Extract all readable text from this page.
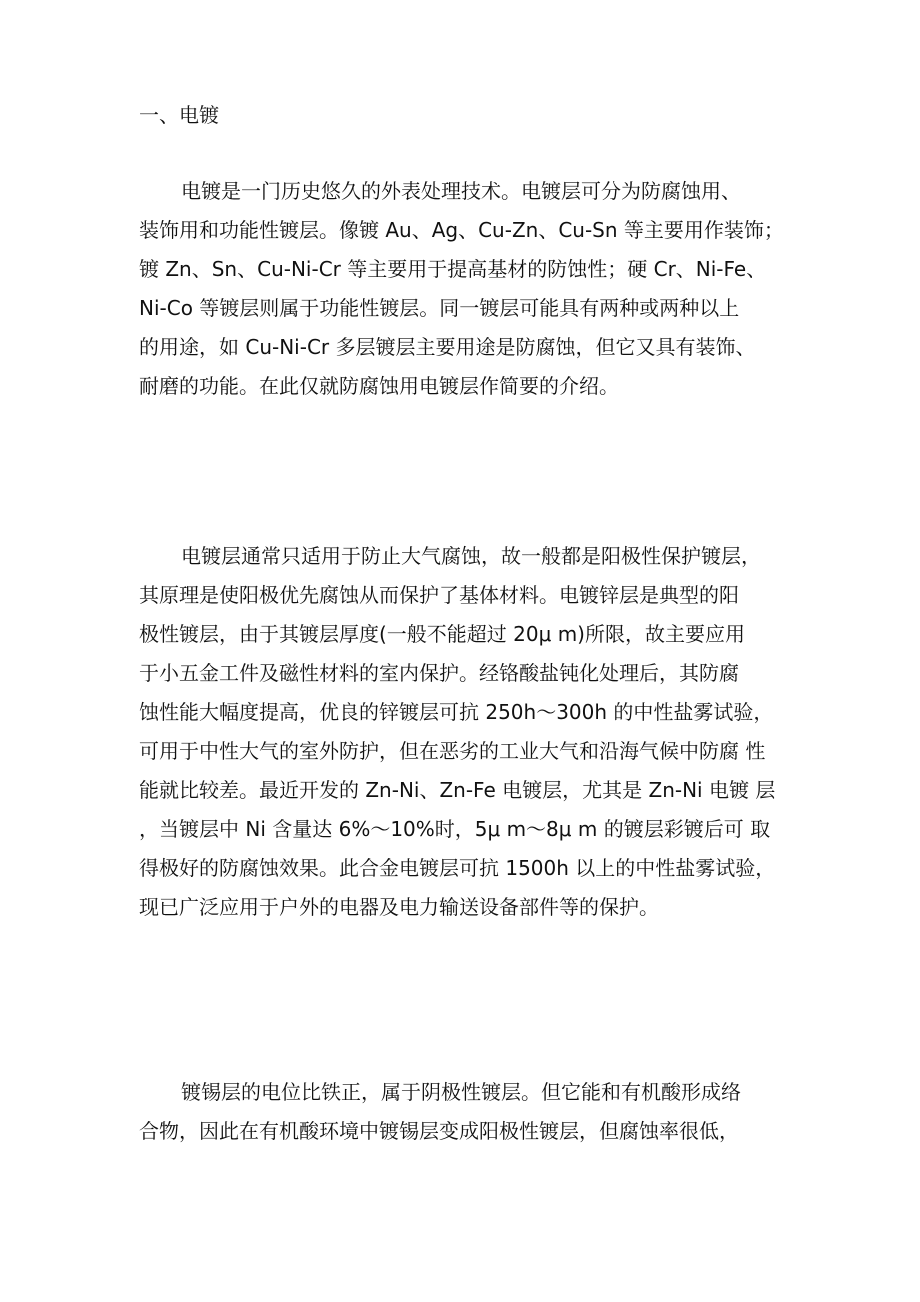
一、电镀
电镀是一门历史悠久的外表处理技术。电镀层可分为防腐蚀用、
装饰用和功能性镀层。像镀 Au、Ag、Cu-Zn、Cu-Sn 等主要用作装饰；
镀 Zn、Sn、Cu-Ni-Cr 等主要用于提高基材的防蚀性；硬 Cr、Ni-Fe、
Ni-Co 等镀层则属于功能性镀层。同一镀层可能具有两种或两种以上
的用途，如 Cu-Ni-Cr 多层镀层主要用途是防腐蚀，但它又具有装饰、
耐磨的功能。在此仅就防腐蚀用电镀层作简要的介绍。
电镀层通常只适用于防止大气腐蚀，故一般都是阳极性保护镀层，
其原理是使阳极优先腐蚀从而保护了基体材料。电镀锌层是典型的阳
极性镀层，由于其镀层厚度(一般不能超过 20μ m)所限，故主要应用
于小五金工件及磁性材料的室内保护。经铬酸盐钝化处理后，其防腐
蚀性能大幅度提高，优良的锌镀层可抗 250h～300h 的中性盐雾试验，
可用于中性大气的室外防护，但在恶劣的工业大气和沿海气候中防腐 性
能就比较差。最近开发的 Zn-Ni、Zn-Fe 电镀层，尤其是 Zn-Ni 电镀 层
，当镀层中 Ni 含量达 6%～10%时，5μ m～8μ m 的镀层彩镀后可 取
得极好的防腐蚀效果。此合金电镀层可抗 1500h 以上的中性盐雾试验，
现已广泛应用于户外的电器及电力输送设备部件等的保护。
镀锡层的电位比铁正，属于阴极性镀层。但它能和有机酸形成络
合物，因此在有机酸环境中镀锡层变成阳极性镀层，但腐蚀率很低，
